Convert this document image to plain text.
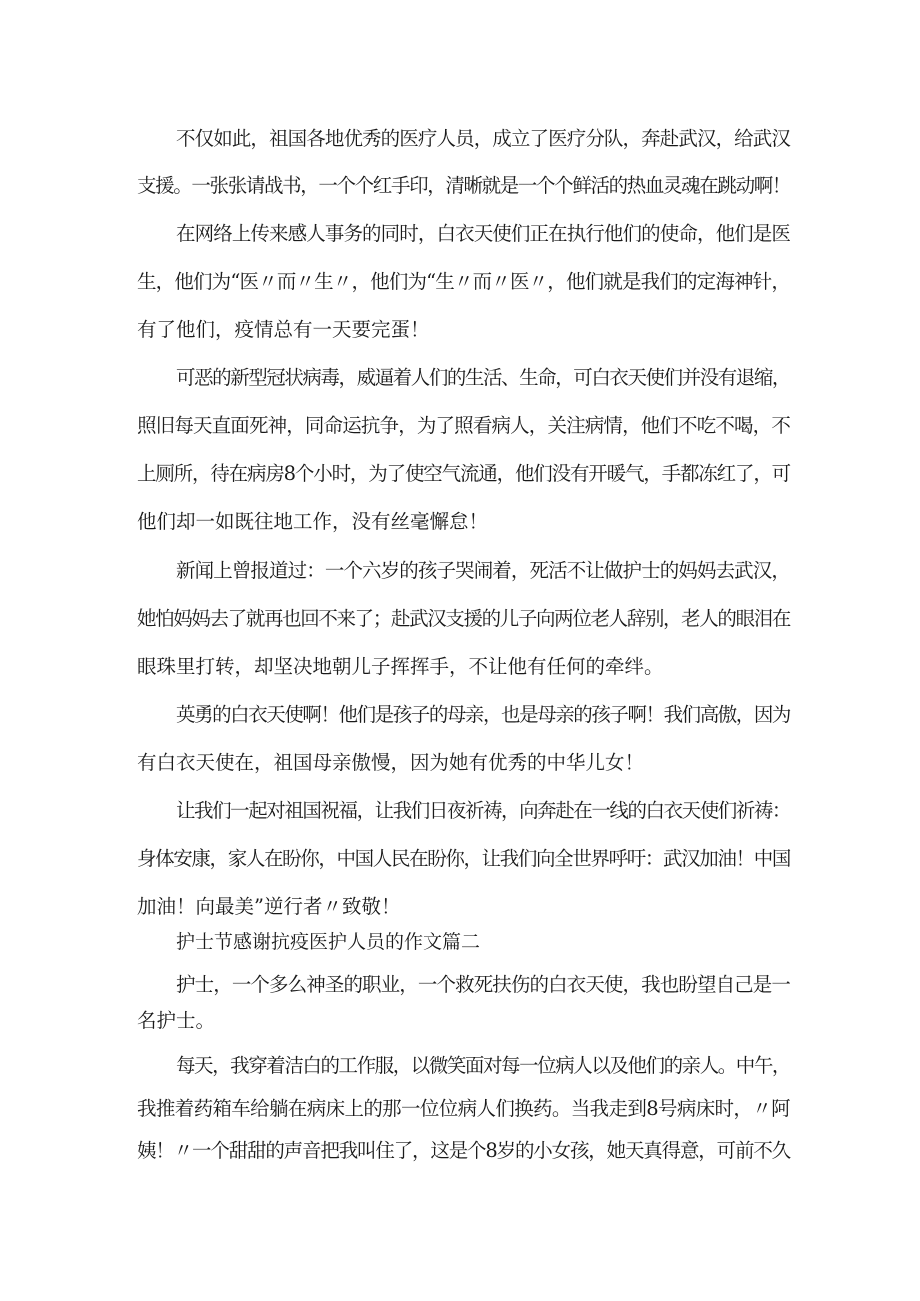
不仅如此，祖国各地优秀的医疗人员，成立了医疗分队，奔赴武汉，给武汉
支援。一张张请战书，一个个红手印，清晰就是一个个鲜活的热血灵魂在跳动啊！
在网络上传来感人事务的同时，白衣天使们正在执行他们的使命，他们是医
生，他们为“医〃而〃生〃，他们为“生〃而〃医〃，他们就是我们的定海神针，
有了他们，疫情总有一天要完蛋！
可恶的新型冠状病毒，威逼着人们的生活、生命，可白衣天使们并没有退缩，
照旧每天直面死神，同命运抗争，为了照看病人，关注病情，他们不吃不喝，不
上厕所，待在病房8个小时，为了使空气流通，他们没有开暖气，手都冻红了，可
他们却一如既往地工作，没有丝毫懈怠！
新闻上曾报道过：一个六岁的孩子哭闹着，死活不让做护士的妈妈去武汉，
她怕妈妈去了就再也回不来了；赴武汉支援的儿子向两位老人辞别，老人的眼泪在
眼珠里打转，却坚决地朝儿子挥挥手，不让他有任何的牵绊。
英勇的白衣天使啊！他们是孩子的母亲，也是母亲的孩子啊！我们高傲，因为
有白衣天使在，祖国母亲傲慢，因为她有优秀的中华儿女！
让我们一起对祖国祝福，让我们日夜祈祷，向奔赴在一线的白衣天使们祈祷：
身体安康，家人在盼你，中国人民在盼你，让我们向全世界呼吁：武汉加油！中国
加油！向最美”逆行者〃致敬！
护士节感谢抗疫医护人员的作文篇二
护士，一个多么神圣的职业，一个救死扶伤的白衣天使，我也盼望自己是一
名护士。
每天，我穿着洁白的工作服，以微笑面对每一位病人以及他们的亲人。中午，
我推着药箱车给躺在病床上的那一位位病人们换药。当我走到8号病床时，〃阿
姨！〃一个甜甜的声音把我叫住了，这是个8岁的小女孩，她天真得意，可前不久
